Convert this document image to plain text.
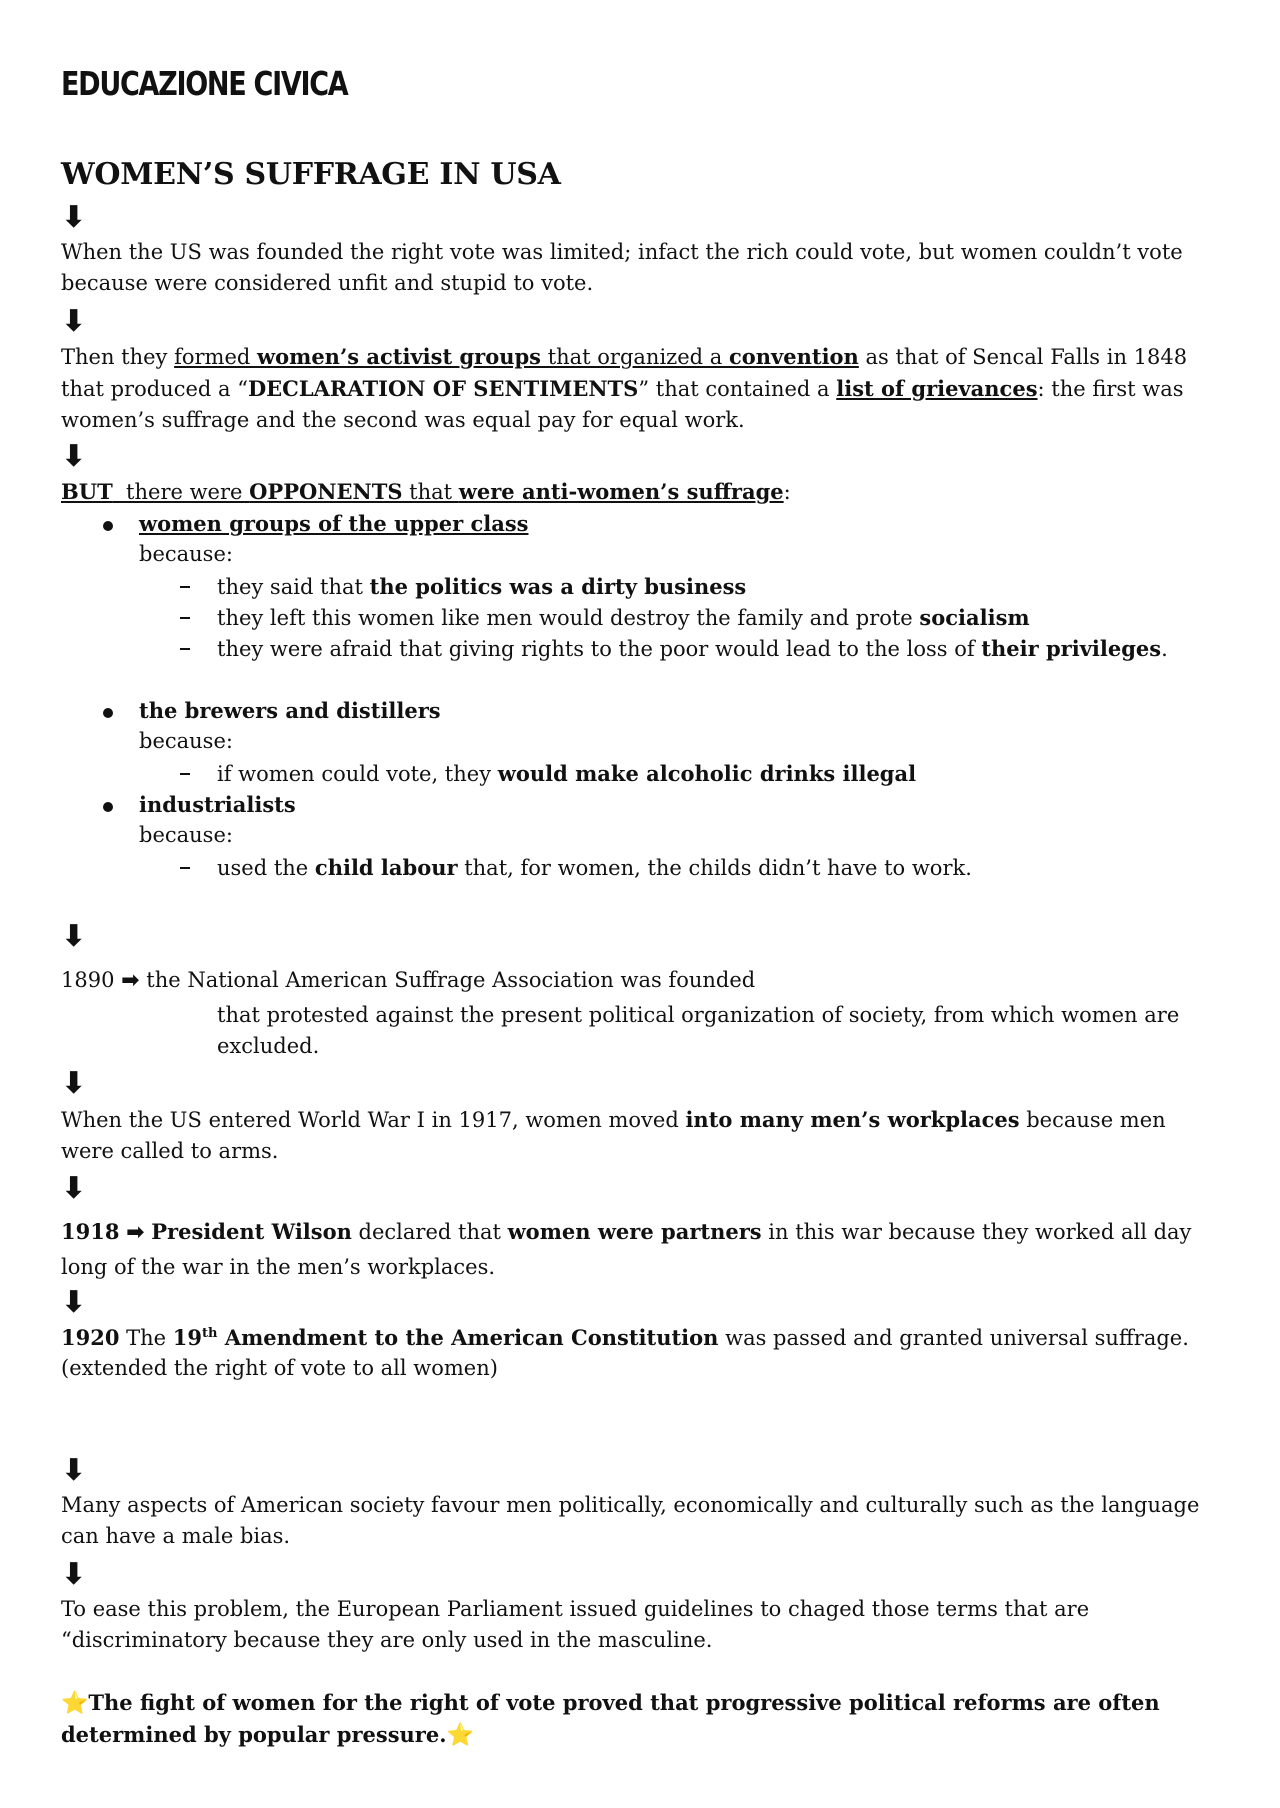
EDUCAZIONE CIVICA
WOMEN’S SUFFRAGE IN USA
⬇

When the US was founded the right vote was limited; infact the rich could vote, but women couldn’t vote because were considered unfit and stupid to vote.

⬇

Then they formed women’s activist groups that organized a convention as that of Sencal Falls in 1848 that produced a “DECLARATION OF SENTIMENTS” that contained a list of grievances: the first was women’s suffrage and the second was equal pay for equal work.

⬇

BUT  there were OPPONENTS that were anti-women’s suffrage:

women groups of the upper class

because:

they said that the politics was a dirty business

they left this women like men would destroy the family and prote socialism

they were afraid that giving rights to the poor would lead to the loss of their privileges.

the brewers and distillers

because:

if women could vote, they would make alcoholic drinks illegal

industrialists

because:

used the child labour that, for women, the childs didn’t have to work.

⬇

1890 ➡ the National American Suffrage Association was founded

that protested against the present political organization of society, from which women are excluded.

⬇

When the US entered World War I in 1917, women moved into many men’s workplaces because men were called to arms.

⬇

1918 ➡ President Wilson declared that women were partners in this war because they worked all day long of the war in the men’s workplaces.

⬇

1920 The 19th Amendment to the American Constitution was passed and granted universal suffrage.

(extended the right of vote to all women)

⬇

Many aspects of American society favour men politically, economically and culturally such as the language can have a male bias.

⬇

To ease this problem, the European Parliament issued guidelines to chaged those terms that are “discriminatory because they are only used in the masculine.

⭐The fight of women for the right of vote proved that progressive political reforms are often determined by popular pressure.⭐
